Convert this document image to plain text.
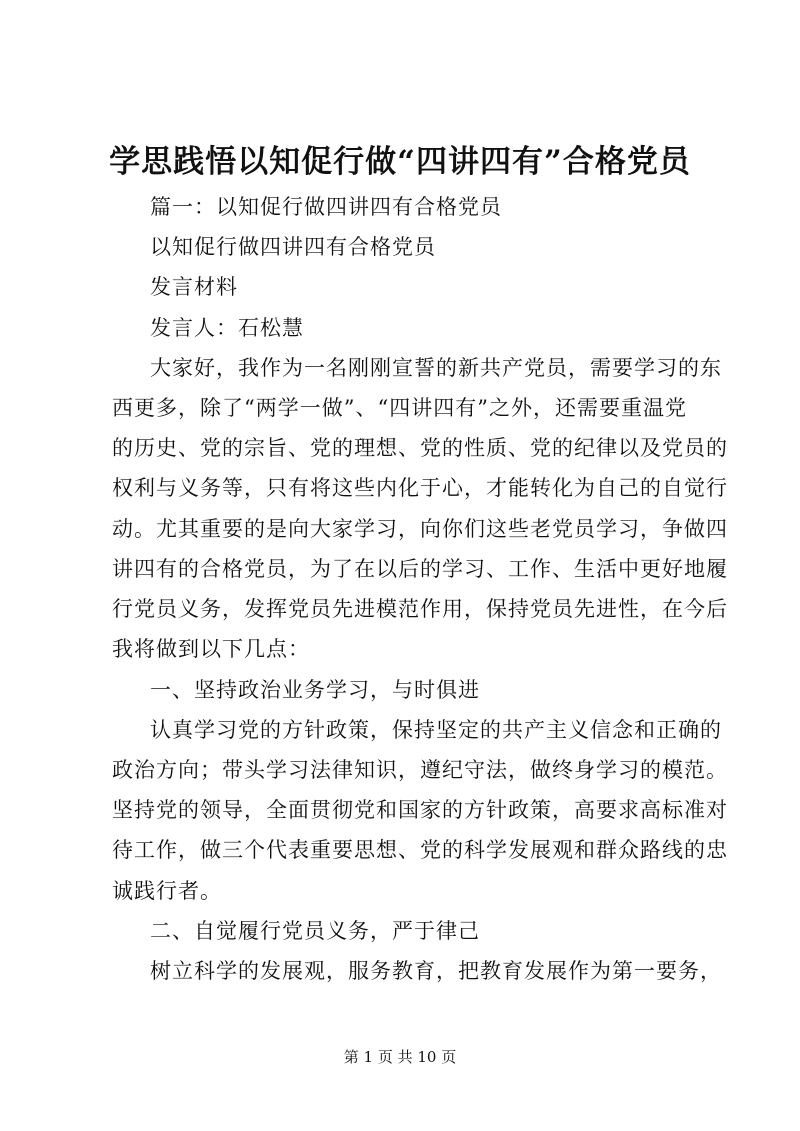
学思践悟以知促行做“四讲四有”合格党员
篇一：以知促行做四讲四有合格党员
以知促行做四讲四有合格党员
发言材料
发言人：石松慧
大家好，我作为一名刚刚宣誓的新共产党员，需要学习的东
西更多，除了“两学一做”、“四讲四有”之外，还需要重温党
的历史、党的宗旨、党的理想、党的性质、党的纪律以及党员的
权利与义务等，只有将这些内化于心，才能转化为自己的自觉行
动。尤其重要的是向大家学习，向你们这些老党员学习，争做四
讲四有的合格党员，为了在以后的学习、工作、生活中更好地履
行党员义务，发挥党员先进模范作用，保持党员先进性，在今后
我将做到以下几点：
一、坚持政治业务学习，与时俱进
认真学习党的方针政策，保持坚定的共产主义信念和正确的
政治方向；带头学习法律知识，遵纪守法，做终身学习的模范。
坚持党的领导，全面贯彻党和国家的方针政策，高要求高标准对
待工作，做三个代表重要思想、党的科学发展观和群众路线的忠
诚践行者。
二、自觉履行党员义务，严于律己
树立科学的发展观，服务教育，把教育发展作为第一要务，
第 1 页 共 10 页
